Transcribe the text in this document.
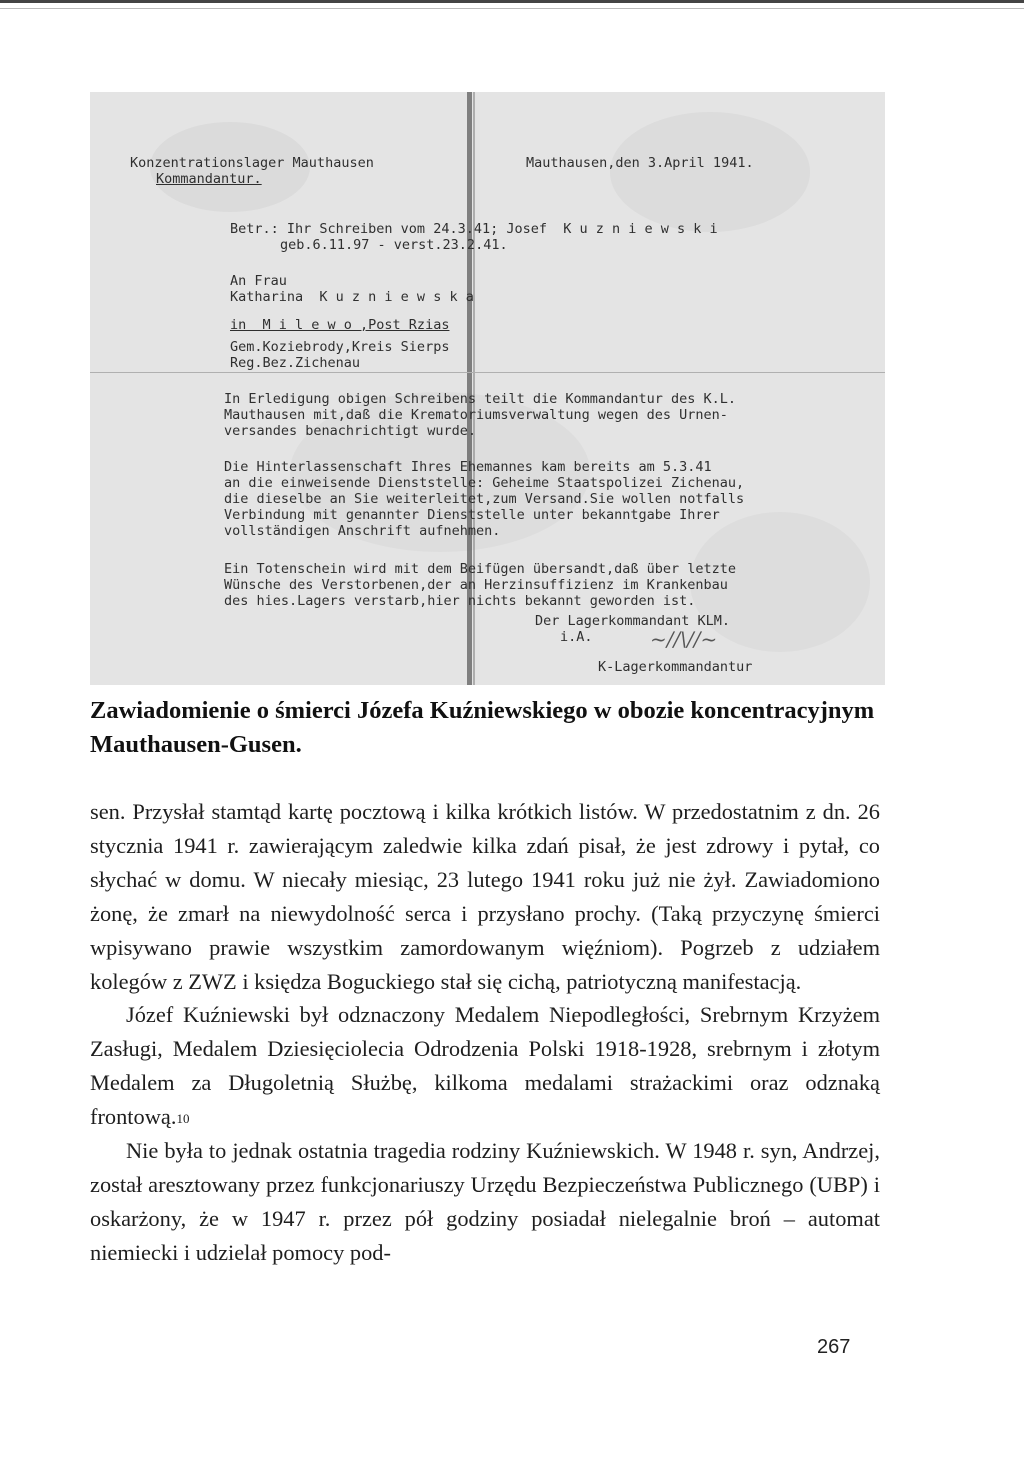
Konzentrationslager Mauthausen
Kommandantur.
Mauthausen,den 3.April 1941.
Betr.: Ihr Schreiben vom 24.3.41; Josef  K u z n i e w s k i
geb.6.11.97 - verst.23.2.41.
An Frau
Katharina  K u z n i e w s k a
in  M i l e w o ,Post Rzias
Gem.Koziebrody,Kreis Sierps
Reg.Bez.Zichenau
In Erledigung obigen Schreibens teilt die Kommandantur des K.L.
Mauthausen mit,daß die Krematoriumsverwaltung wegen des Urnen-
versandes benachrichtigt wurde.
Die Hinterlassenschaft Ihres Ehemannes kam bereits am 5.3.41
an die einweisende Dienststelle: Geheime Staatspolizei Zichenau,
die dieselbe an Sie weiterleitet,zum Versand.Sie wollen notfalls
Verbindung mit genannter Dienststelle unter bekanntgabe Ihrer
vollständigen Anschrift aufnehmen.
Ein Totenschein wird mit dem Beifügen übersandt,daß über letzte
Wünsche des Verstorbenen,der an Herzinsuffizienz im Krankenbau
des hies.Lagers verstarb,hier nichts bekannt geworden ist.
Der Lagerkommandant KLM.
i.A.	~∕∕\∕∕~
K-Lagerkommandantur
Zawiadomienie o śmierci Józefa Kuźniewskiego w obozie koncentracyjnym Mauthausen-Gusen.

sen. Przysłał stamtąd kartę pocztową i kilka krótkich listów. W przedostatnim z dn. 26 stycznia 1941 r. zawierającym zaledwie kilka zdań pisał, że jest zdrowy i pytał, co słychać w domu. W niecały miesiąc, 23 lutego 1941 roku już nie żył. Zawiadomiono żonę, że zmarł na niewydolność serca i przysłano prochy. (Taką przyczynę śmierci wpisywano prawie wszystkim zamordowanym więźniom). Pogrzeb z udziałem kolegów z ZWZ i księdza Boguckiego stał się cichą, patriotyczną manifestacją.

Józef Kuźniewski był odznaczony Medalem Niepodległości, Srebrnym Krzyżem Zasługi, Medalem Dziesięciolecia Odrodzenia Polski 1918-1928, srebrnym i złotym Medalem za Długoletnią Służbę, kilkoma medalami strażackimi oraz odznaką frontową.$^{10}$

Nie była to jednak ostatnia tragedia rodziny Kuźniewskich. W 1948 r. syn, Andrzej, został aresztowany przez funkcjonariuszy Urzędu Bezpieczeństwa Publicznego (UBP) i oskarżony, że w 1947 r. przez pół godziny posiadał nielegalnie broń – automat niemiecki i udzielał pomocy pod-

267
